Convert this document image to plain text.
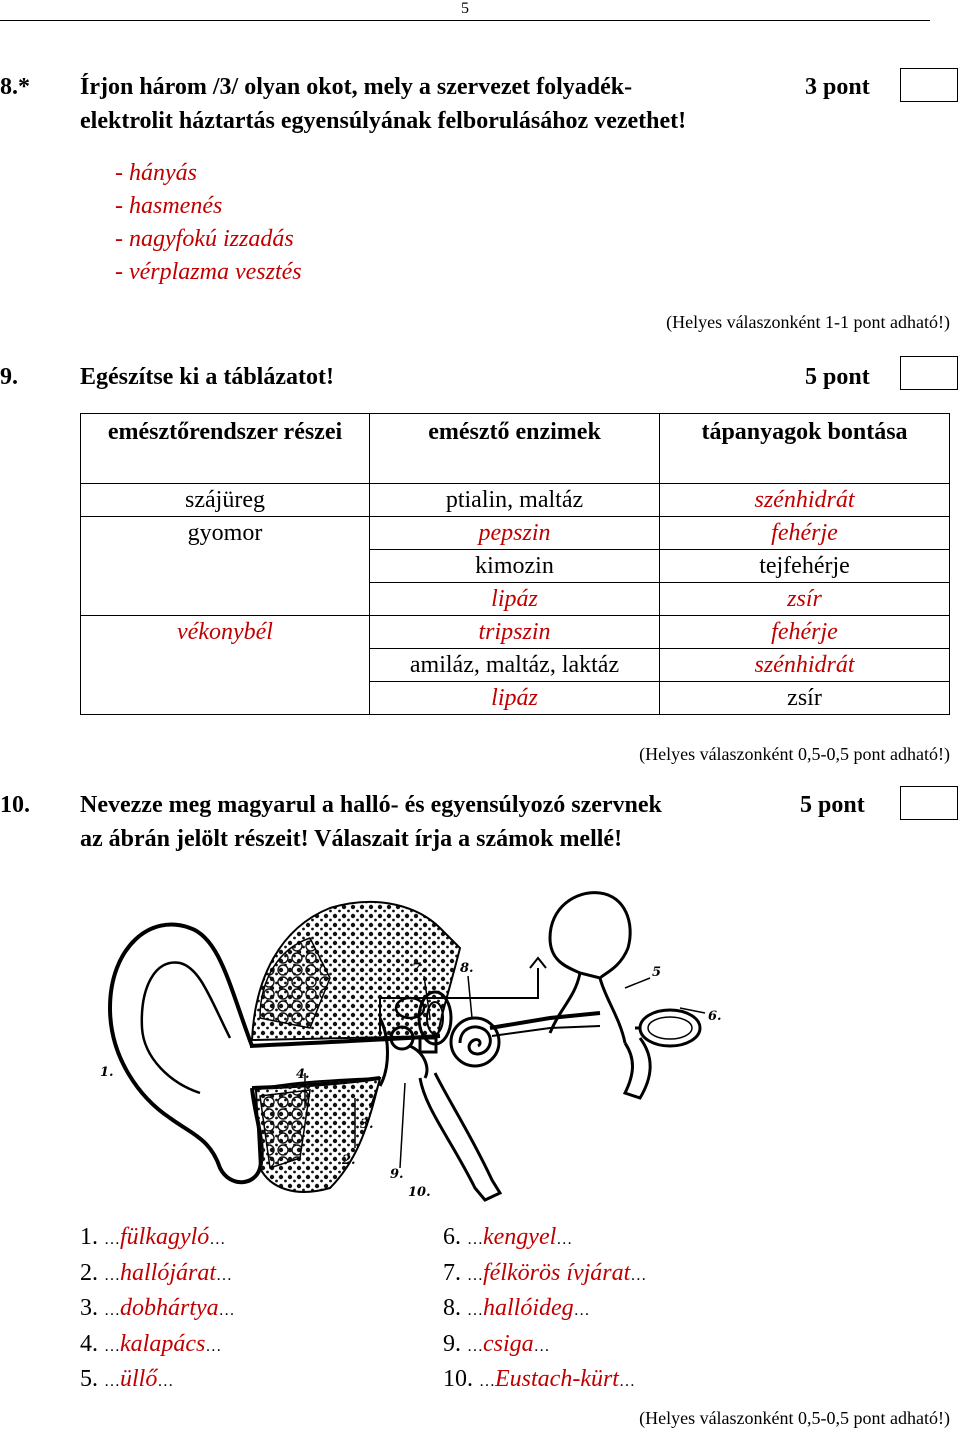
5
8.* Írjon három /3/ olyan okot, mely a szervezet folyadék-
elektrolit háztartás egyensúlyának felborulásához vezethet!
3 pont
- hányás
- hasmenés
- nagyfokú izzadás
- vérplazma vesztés
(Helyes válaszonként 1-1 pont adható!)
9.	Egészítse ki a táblázatot!	5 pont
emésztőrendszer részei	emésztő enzimek	tápanyagok bontása
szájüreg	ptialin, maltáz	szénhidrát
gyomor	pepszin	fehérje
	kimozin	tejfehérje
	lipáz	zsír
vékonybél	tripszin	fehérje
	amiláz, maltáz, laktáz	szénhidrát
	lipáz	zsír
(Helyes válaszonként 0,5-0,5 pont adható!)
10. Nevezze meg magyarul a halló- és egyensúlyozó szervnek
az ábrán jelölt részeit! Válaszait írja a számok mellé!
5 pont
1.
2.
3.
4.
5
6.
7.	8.
9.
10.
1. …fülkagyló…
2. …hallójárat…
3. …dobhártya…
4. …kalapács…
5. …üllő…
6. …kengyel…
7. …félkörös ívjárat…
8. …hallóideg…
9. …csiga…
10. …Eustach-kürt…
(Helyes válaszonként 0,5-0,5 pont adható!)
